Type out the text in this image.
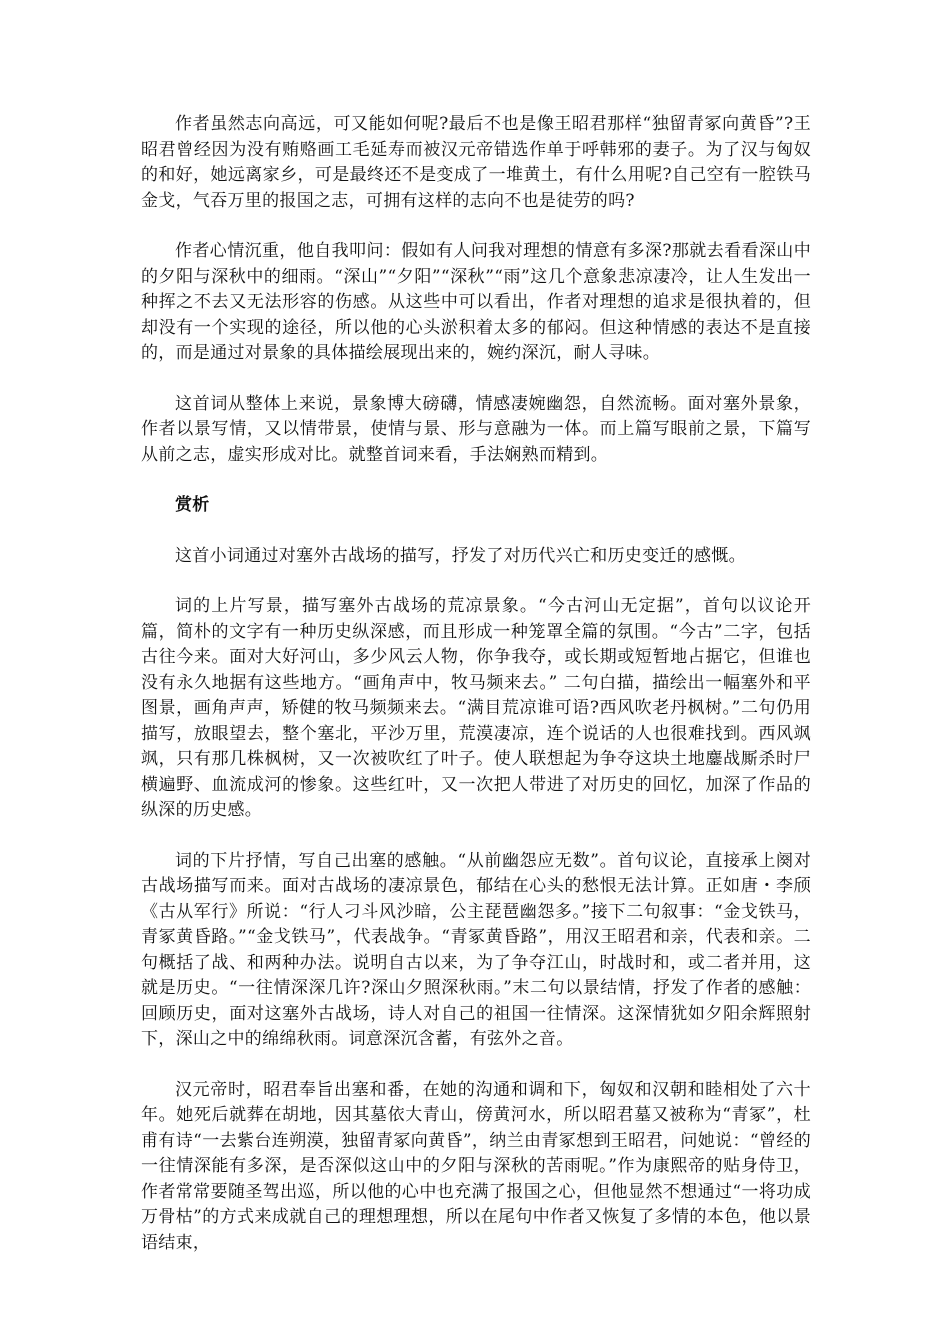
作者虽然志向高远，可又能如何呢?最后不也是像王昭君那样“独留青冢向黄昏”?王昭君曾经因为没有贿赂画工毛延寿而被汉元帝错选作单于呼韩邪的妻子。为了汉与匈奴的和好，她远离家乡，可是最终还不是变成了一堆黄土，有什么用呢?自己空有一腔铁马金戈，气吞万里的报国之志，可拥有这样的志向不也是徒劳的吗?

作者心情沉重，他自我叩问：假如有人问我对理想的情意有多深?那就去看看深山中的夕阳与深秋中的细雨。“深山”“夕阳”“深秋”“雨”这几个意象悲凉凄冷，让人生发出一种挥之不去又无法形容的伤感。从这些中可以看出，作者对理想的追求是很执着的，但却没有一个实现的途径，所以他的心头淤积着太多的郁闷。但这种情感的表达不是直接的，而是通过对景象的具体描绘展现出来的，婉约深沉，耐人寻味。

这首词从整体上来说，景象博大磅礴，情感凄婉幽怨，自然流畅。面对塞外景象，作者以景写情，又以情带景，使情与景、形与意融为一体。而上篇写眼前之景，下篇写从前之志，虚实形成对比。就整首词来看，手法娴熟而精到。

赏析

这首小词通过对塞外古战场的描写，抒发了对历代兴亡和历史变迁的感慨。

词的上片写景，描写塞外古战场的荒凉景象。“今古河山无定据”，首句以议论开篇，简朴的文字有一种历史纵深感，而且形成一种笼罩全篇的氛围。“今古”二字，包括古往今来。面对大好河山，多少风云人物，你争我夺，或长期或短暂地占据它，但谁也没有永久地据有这些地方。“画角声中，牧马频来去。” 二句白描，描绘出一幅塞外和平图景，画角声声，矫健的牧马频频来去。“满目荒凉谁可语?西风吹老丹枫树。”二句仍用描写，放眼望去，整个塞北，平沙万里，荒漠凄凉，连个说话的人也很难找到。西风飒飒，只有那几株枫树，又一次被吹红了叶子。使人联想起为争夺这块土地鏖战厮杀时尸横遍野、血流成河的惨象。这些红叶，又一次把人带进了对历史的回忆，加深了作品的纵深的历史感。

词的下片抒情，写自己出塞的感触。“从前幽怨应无数”。首句议论，直接承上阕对古战场描写而来。面对古战场的凄凉景色，郁结在心头的愁恨无法计算。正如唐・李颀《古从军行》所说：“行人刁斗风沙暗，公主琵琶幽怨多。”接下二句叙事：“金戈铁马，青冢黄昏路。”“金戈铁马”，代表战争。“青冢黄昏路”，用汉王昭君和亲，代表和亲。二句概括了战、和两种办法。说明自古以来，为了争夺江山，时战时和，或二者并用，这就是历史。“一往情深深几许?深山夕照深秋雨。”末二句以景结情，抒发了作者的感触：回顾历史，面对这塞外古战场，诗人对自己的祖国一往情深。这深情犹如夕阳余辉照射下，深山之中的绵绵秋雨。词意深沉含蓄，有弦外之音。

汉元帝时，昭君奉旨出塞和番，在她的沟通和调和下，匈奴和汉朝和睦相处了六十年。她死后就葬在胡地，因其墓依大青山，傍黄河水，所以昭君墓又被称为“青冢”，杜甫有诗“一去紫台连朔漠，独留青冢向黄昏”，纳兰由青冢想到王昭君，问她说：“曾经的一往情深能有多深，是否深似这山中的夕阳与深秋的苦雨呢。”作为康熙帝的贴身侍卫，作者常常要随圣驾出巡，所以他的心中也充满了报国之心，但他显然不想通过“一将功成万骨枯”的方式来成就自己的理想理想，所以在尾句中作者又恢复了多情的本色，他以景语结束，
